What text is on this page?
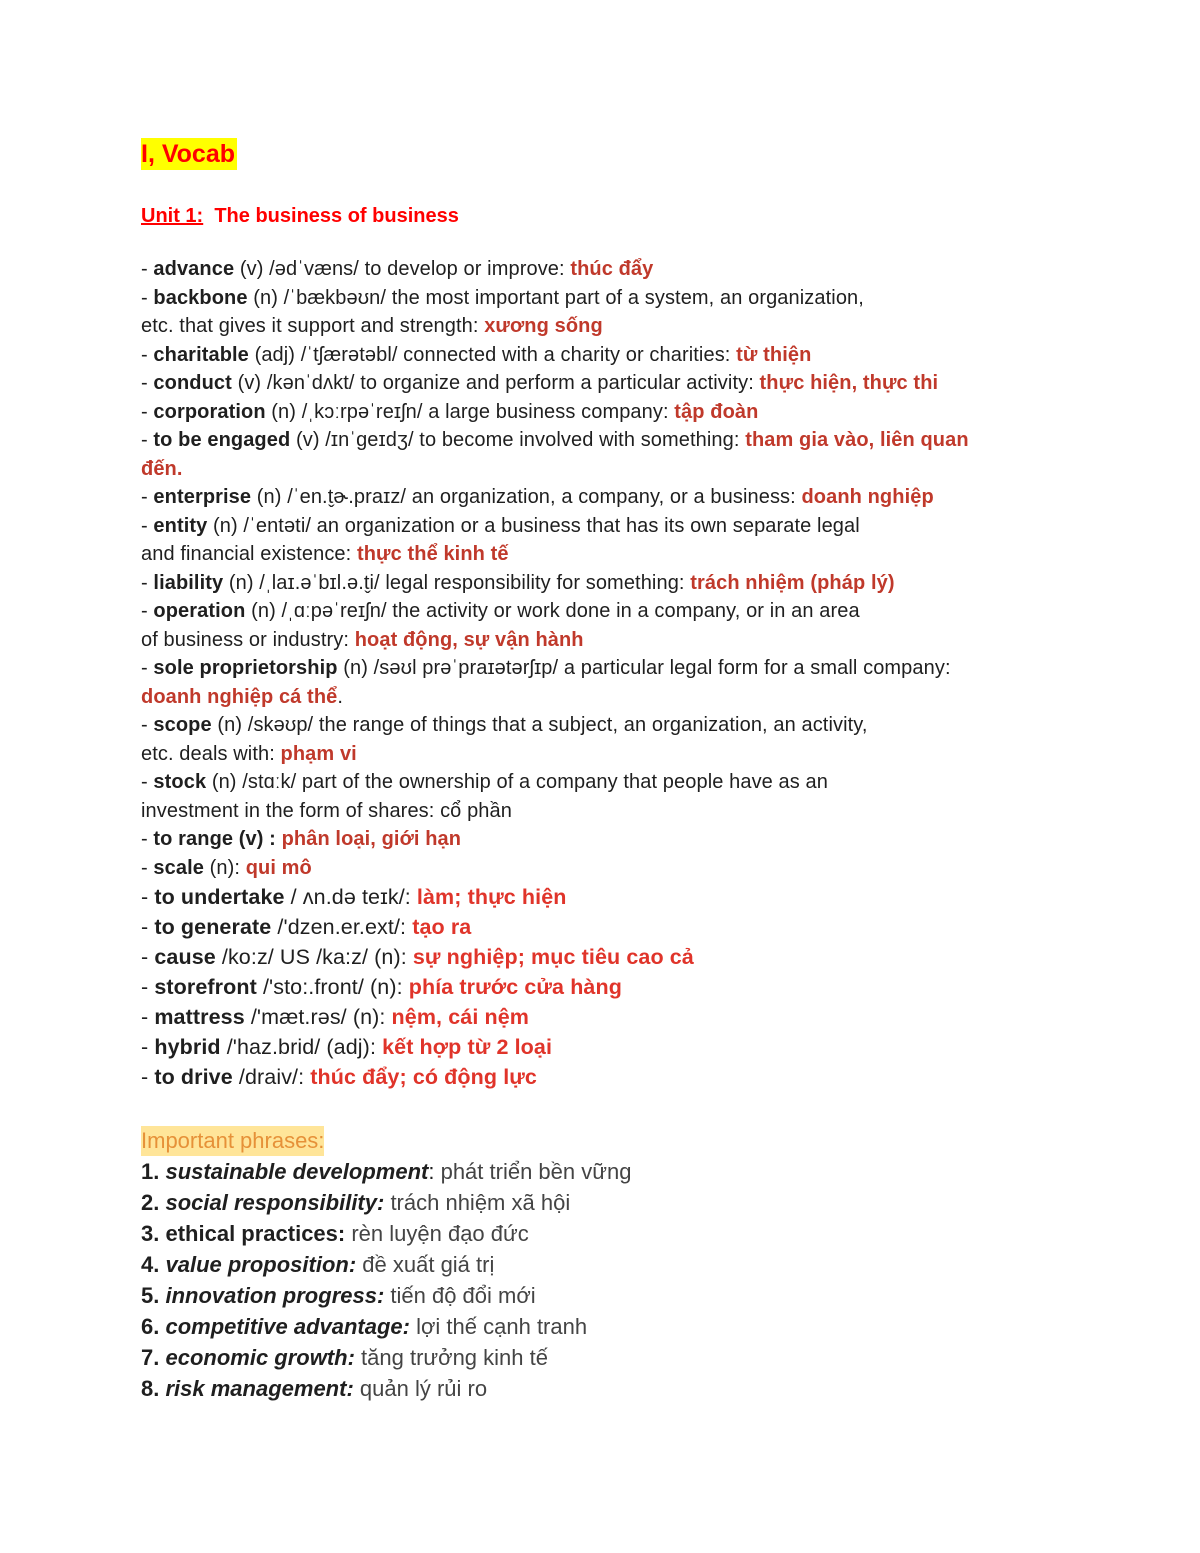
I, Vocab
Unit 1: The business of business
- advance (v) /ədˈvæns/ to develop or improve: thúc đẩy
- backbone (n) /ˈbækbəʊn/ the most important part of a system, an organization,
etc. that gives it support and strength: xương sống
- charitable (adj) /ˈtʃærətəbl/ connected with a charity or charities: từ thiện
- conduct (v) /kənˈdʌkt/ to organize and perform a particular activity: thực hiện, thực thi
- corporation (n) /ˌkɔːrpəˈreɪʃn/ a large business company: tập đoàn
- to be engaged (v) /ɪnˈɡeɪdʒ/ to become involved with something: tham gia vào, liên quan
đến.
- enterprise (n) /ˈen.t̬ɚ.praɪz/ an organization, a company, or a business: doanh nghiệp
- entity (n) /ˈentəti/ an organization or a business that has its own separate legal
and financial existence: thực thể kinh tế
- liability (n) /ˌlaɪ.əˈbɪl.ə.t̬i/ legal responsibility for something: trách nhiệm (pháp lý)
- operation (n) /ˌɑːpəˈreɪʃn/ the activity or work done in a company, or in an area
of business or industry: hoạt động, sự vận hành
- sole proprietorship (n) /səʊl prəˈpraɪətərʃɪp/ a particular legal form for a small company:
doanh nghiệp cá thể.
- scope (n) /skəʊp/ the range of things that a subject, an organization, an activity,
etc. deals with: phạm vi
- stock (n) /stɑːk/ part of the ownership of a company that people have as an
investment in the form of shares: cổ phần
- to range (v) : phân loại, giới hạn
- scale (n): qui mô
- to undertake / ʌn.də teɪk/: làm; thực hiện
- to generate /'dzen.er.ext/: tạo ra
- cause /ko:z/ US /ka:z/ (n): sự nghiệp; mục tiêu cao cả
- storefront /'sto:.front/ (n): phía trước cửa hàng
- mattress /'mæt.rəs/ (n): nệm, cái nệm
- hybrid /'haz.brid/ (adj): kết hợp từ 2 loại
- to drive /draiv/: thúc đẩy; có động lực
Important phrases:
1. sustainable development: phát triển bền vững
2. social responsibility: trách nhiệm xã hội
3. ethical practices: rèn luyện đạo đức
4. value proposition: đề xuất giá trị
5. innovation progress: tiến độ đổi mới
6. competitive advantage: lợi thế cạnh tranh
7. economic growth: tăng trưởng kinh tế
8. risk management: quản lý rủi ro
